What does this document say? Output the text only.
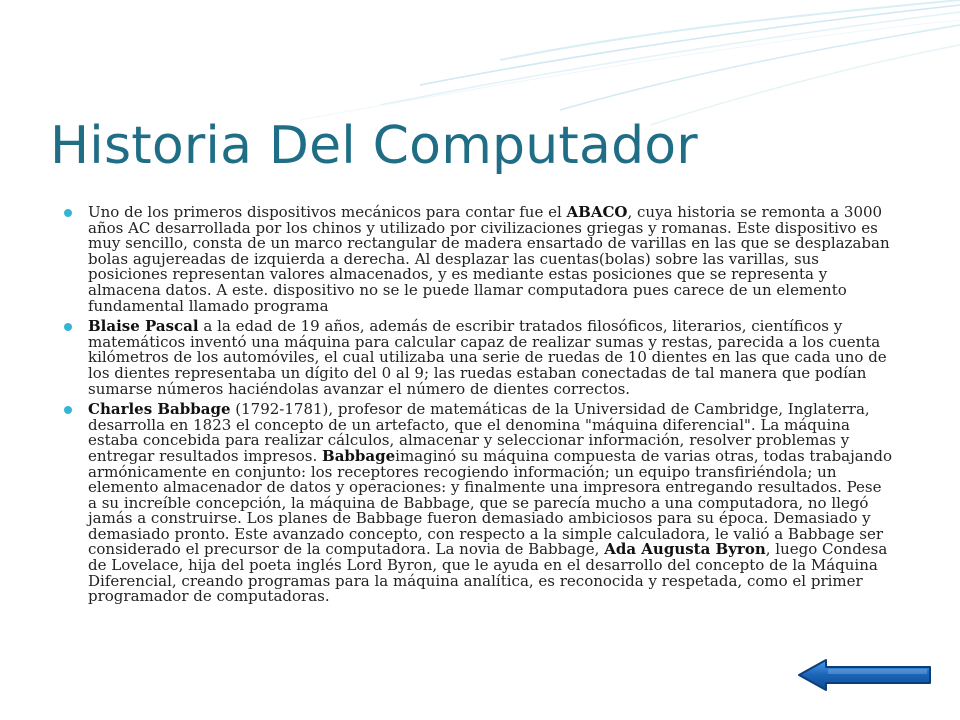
Historia Del Computador
Uno de los primeros dispositivos mecánicos para contar fue el ABACO, cuya historia se remonta a 3000 años AC desarrollada por los chinos y utilizado por civilizaciones griegas y romanas. Este dispositivo es muy sencillo, consta de un marco rectangular de madera ensartado de varillas en las que se desplazaban bolas agujereadas de izquierda a derecha. Al desplazar las cuentas(bolas) sobre las varillas, sus posiciones representan valores almacenados, y es mediante estas posiciones que se representa y almacena datos. A este. dispositivo no se le puede llamar computadora pues carece de un elemento fundamental llamado programa
Blaise Pascal a la edad de 19 años, además de escribir tratados filosóficos, literarios, científicos y matemáticos inventó una máquina para calcular capaz de realizar sumas y restas, parecida a los cuenta kilómetros de los automóviles, el cual utilizaba una serie de ruedas de 10 dientes en las que cada uno de los dientes representaba un dígito del 0 al 9; las ruedas estaban conectadas de tal manera que podían sumarse números haciéndolas avanzar el número de dientes correctos.
Charles Babbage (1792-1781), profesor de matemáticas de la Universidad de Cambridge, Inglaterra, desarrolla en 1823 el concepto de un artefacto, que el denomina "máquina diferencial". La máquina estaba concebida para realizar cálculos, almacenar y seleccionar información, resolver problemas y entregar resultados impresos. Babbageimaginó su máquina compuesta de varias otras, todas trabajando armónicamente en conjunto: los receptores recogiendo información; un equipo transfiriéndola; un elemento almacenador de datos y operaciones: y finalmente una impresora entregando resultados. Pese a su increíble concepción, la máquina de Babbage, que se parecía mucho a una computadora, no llegó jamás a construirse. Los planes de Babbage fueron demasiado ambiciosos para su época. Demasiado y demasiado pronto. Este avanzado concepto, con respecto a la simple calculadora, le valió a Babbage ser considerado el precursor de la computadora. La novia de Babbage, Ada Augusta Byron, luego Condesa de Lovelace, hija del poeta inglés Lord Byron, que le ayuda en el desarrollo del concepto de la Máquina Diferencial, creando programas para la máquina analítica, es reconocida y respetada, como el primer programador de computadoras.
